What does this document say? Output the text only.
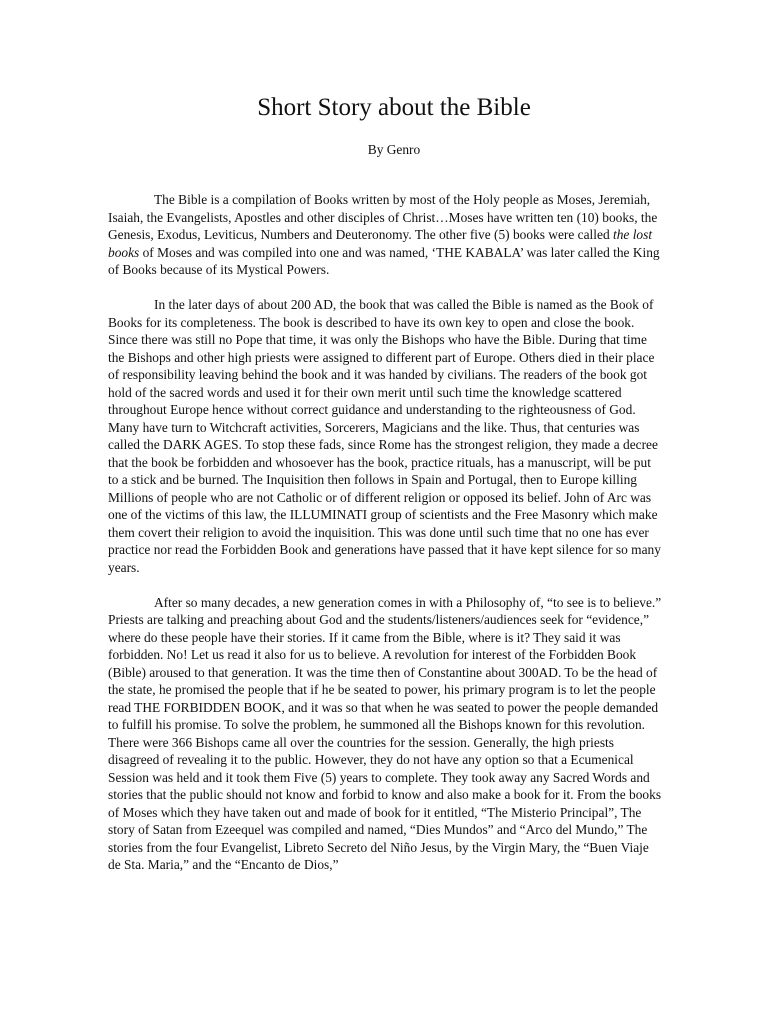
Short Story about the Bible

By Genro

The Bible is a compilation of Books written by most of the Holy people as Moses, Jeremiah, Isaiah, the Evangelists, Apostles and other disciples of Christ…Moses have written ten (10) books, the Genesis, Exodus, Leviticus, Numbers and Deuteronomy. The other five (5) books were called the lost books of Moses and was compiled into one and was named, ‘THE KABALA’ was later called the King of Books because of its Mystical Powers.

In the later days of about 200 AD, the book that was called the Bible is named as the Book of Books for its completeness. The book is described to have its own key to open and close the book. Since there was still no Pope that time, it was only the Bishops who have the Bible. During that time the Bishops and other high priests were assigned to different part of Europe. Others died in their place of responsibility leaving behind the book and it was handed by civilians. The readers of the book got hold of the sacred words and used it for their own merit until such time the knowledge scattered throughout Europe hence without correct guidance and understanding to the righteousness of God. Many have turn to Witchcraft activities, Sorcerers, Magicians and the like. Thus, that centuries was called the DARK AGES. To stop these fads, since Rome has the strongest religion, they made a decree that the book be forbidden and whosoever has the book, practice rituals, has a manuscript, will be put to a stick and be burned. The Inquisition then follows in Spain and Portugal, then to Europe killing Millions of people who are not Catholic or of different religion or opposed its belief. John of Arc was one of the victims of this law, the ILLUMINATI group of scientists and the Free Masonry which make them covert their religion to avoid the inquisition. This was done until such time that no one has ever practice nor read the Forbidden Book and generations have passed that it have kept silence for so many years.

After so many decades, a new generation comes in with a Philosophy of, “to see is to believe.” Priests are talking and preaching about God and the students/listeners/audiences seek for “evidence,” where do these people have their stories. If it came from the Bible, where is it? They said it was forbidden. No! Let us read it also for us to believe. A revolution for interest of the Forbidden Book (Bible) aroused to that generation. It was the time then of Constantine about 300AD. To be the head of the state, he promised the people that if he be seated to power, his primary program is to let the people read THE FORBIDDEN BOOK, and it was so that when he was seated to power the people demanded to fulfill his promise. To solve the problem, he summoned all the Bishops known for this revolution. There were 366 Bishops came all over the countries for the session. Generally, the high priests disagreed of revealing it to the public. However, they do not have any option so that a Ecumenical Session was held and it took them Five (5) years to complete. They took away any Sacred Words and stories that the public should not know and forbid to know and also make a book for it. From the books of Moses which they have taken out and made of book for it entitled, “The Misterio Principal”, The story of Satan from Ezeequel was compiled and named, “Dies Mundos” and “Arco del Mundo,” The stories from the four Evangelist, Libreto Secreto del Niño Jesus, by the Virgin Mary, the “Buen Viaje de Sta. Maria,” and the “Encanto de Dios,”
